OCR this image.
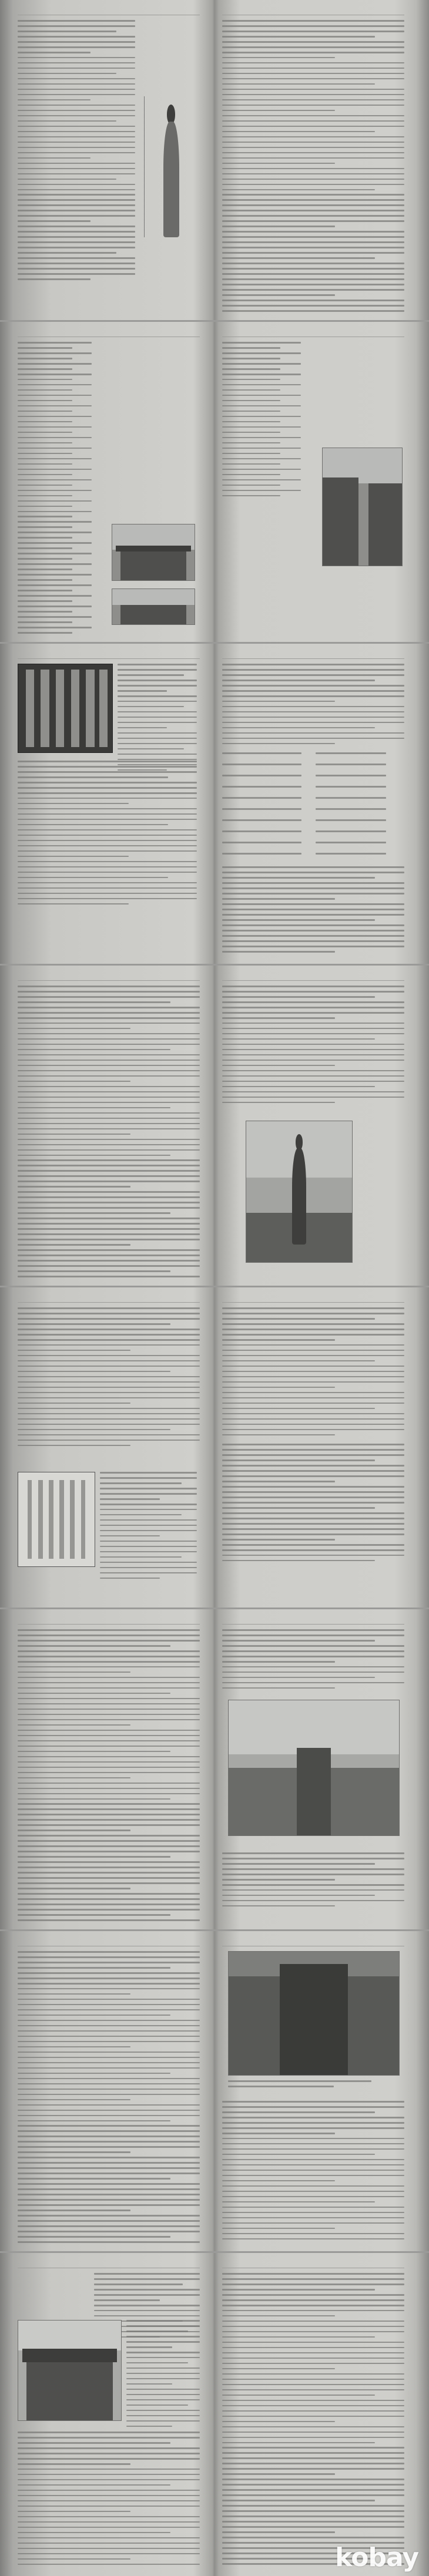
kobay
